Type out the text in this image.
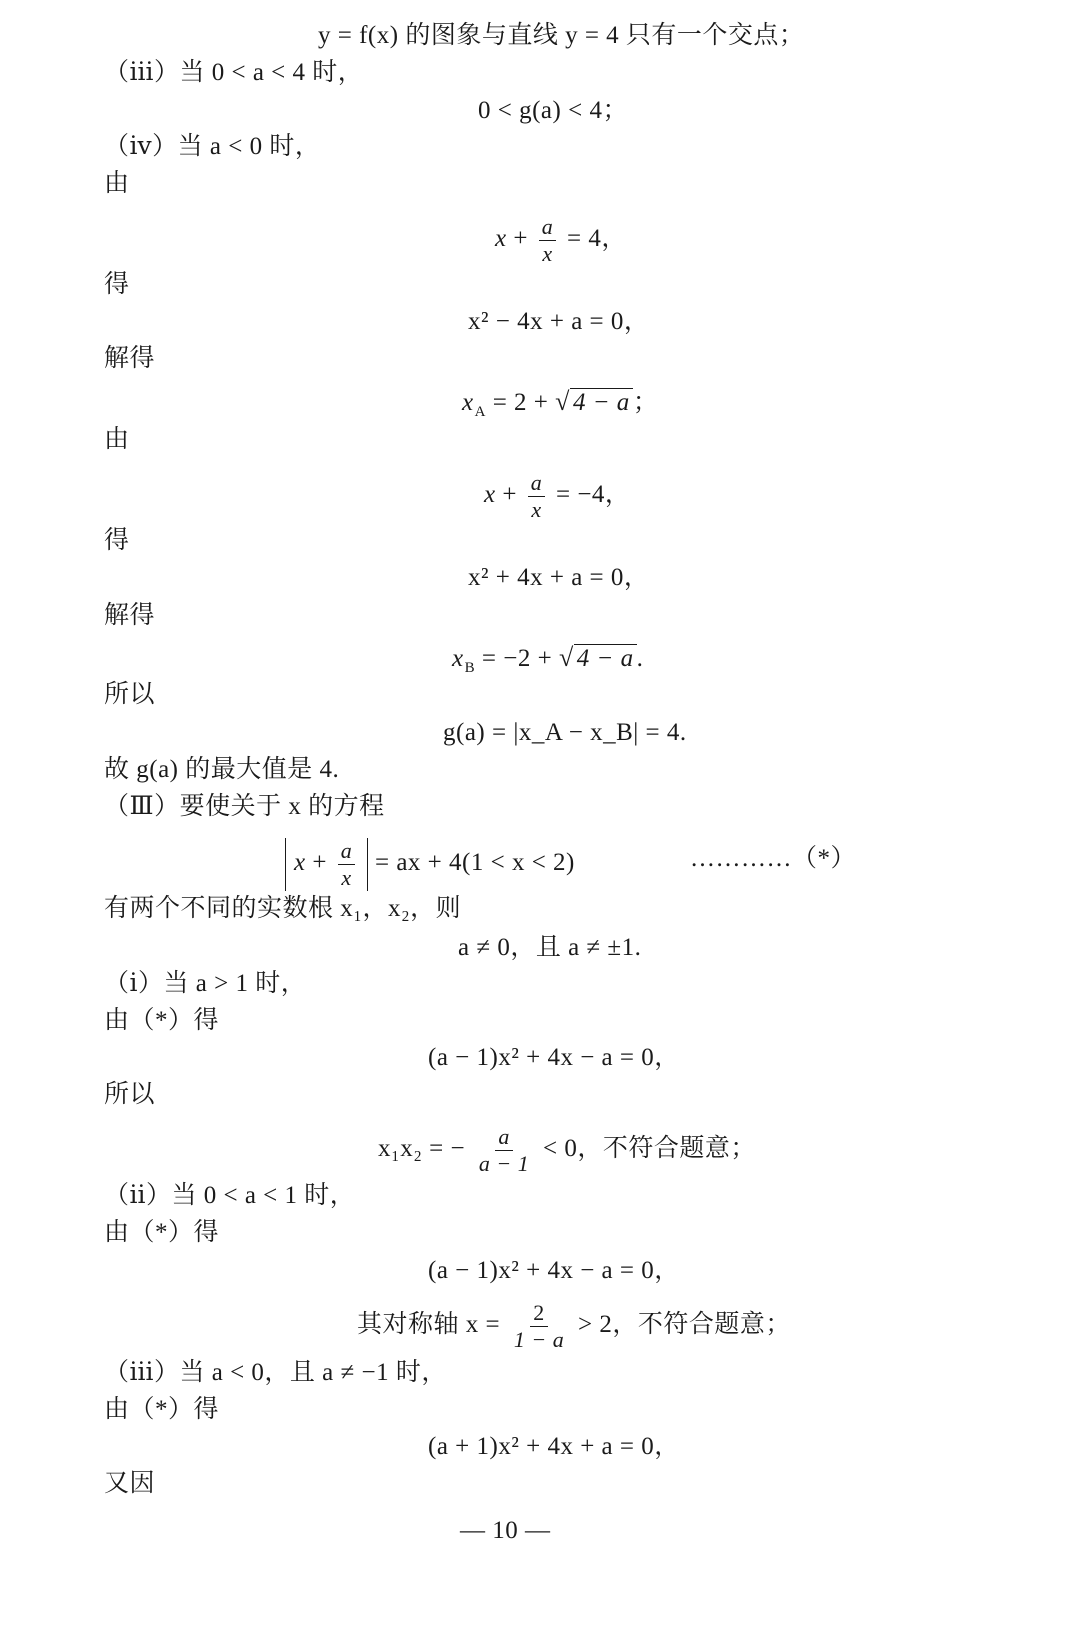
y = f(x) 的图象与直线 y = 4 只有一个交点；
（ⅲ）当 0 < a < 4 时，
0 < g(a) < 4；
（ⅳ）当 a < 0 时，
由
$x + \frac{a}{x} = 4$，
得
x² − 4x + a = 0，
解得
$x_A = 2$ + √ 4 − a ；
由
$x + \frac{a}{x} = -4$，
得
x² + 4x + a = 0，
解得
$x_B = -2$ + √ 4 − a .
所以
g(a) = |x_A − x_B| = 4.
故 g(a) 的最大值是 4.
（Ⅲ）要使关于 x 的方程
$x + \frac{a}{x}$ = ax + 4(1 < x < 2)	…………（*）
有两个不同的实数根 x₁，x₂，则
a ≠ 0，且 a ≠ ±1.
（ⅰ）当 a > 1 时，
由（*）得
(a − 1)x² + 4x − a = 0，
所以
x₁x₂ = − $\frac{a}{a - 1} < 0$，不符合题意；
（ⅱ）当 0 < a < 1 时，
由（*）得
(a − 1)x² + 4x − a = 0，
其对称轴 $x = \frac{2}{1 - a} > 2$，不符合题意；
（ⅲ）当 a < 0，且 a ≠ −1 时，
由（*）得
(a + 1)x² + 4x + a = 0，
又因
— 10 —
